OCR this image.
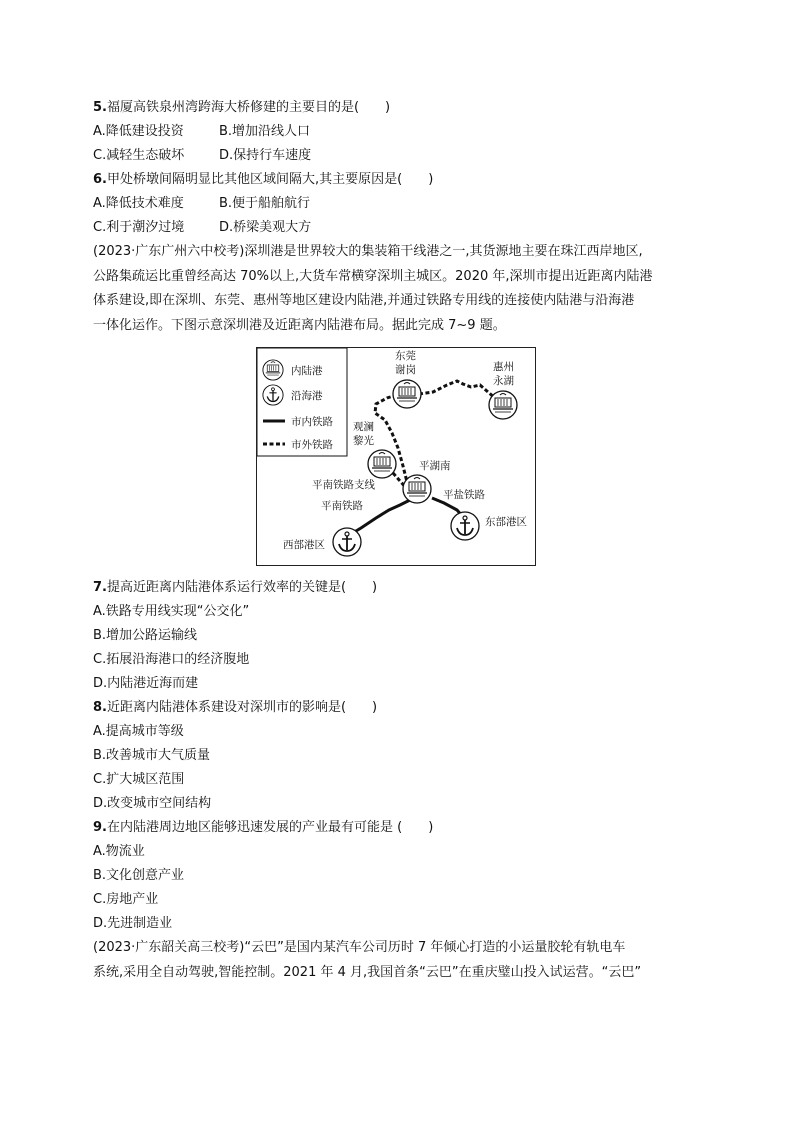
5.福厦高铁泉州湾跨海大桥修建的主要目的是(　　)
A.降低建设投资	B.增加沿线人口
C.减轻生态破坏	D.保持行车速度
6.甲处桥墩间隔明显比其他区域间隔大,其主要原因是(　　)
A.降低技术难度	B.便于船舶航行
C.利于潮汐过境	D.桥梁美观大方
(2023·广东广州六中校考)深圳港是世界较大的集装箱干线港之一,其货源地主要在珠江西岸地区,
公路集疏运比重曾经高达 70%以上,大货车常横穿深圳主城区。2020 年,深圳市提出近距离内陆港
体系建设,即在深圳、东莞、惠州等地区建设内陆港,并通过铁路专用线的连接使内陆港与沿海港
一体化运作。下图示意深圳港及近距离内陆港布局。据此完成 7~9 题。
内陆港
沿海港
市内铁路
市外铁路
东莞
谢岗	惠州
永湖
观澜
黎光
平湖南
平南铁路支线
平南铁路
平盐铁路
东部港区
西部港区
7.提高近距离内陆港体系运行效率的关键是(　　)
A.铁路专用线实现“公交化”
B.增加公路运输线
C.拓展沿海港口的经济腹地
D.内陆港近海而建
8.近距离内陆港体系建设对深圳市的影响是(　　)
A.提高城市等级
B.改善城市大气质量
C.扩大城区范围
D.改变城市空间结构
9.在内陆港周边地区能够迅速发展的产业最有可能是 (　　)
A.物流业
B.文化创意产业
C.房地产业
D.先进制造业
(2023·广东韶关高三校考)“云巴”是国内某汽车公司历时 7 年倾心打造的小运量胶轮有轨电车
系统,采用全自动驾驶,智能控制。2021 年 4 月,我国首条“云巴”在重庆璧山投入试运营。“云巴”
